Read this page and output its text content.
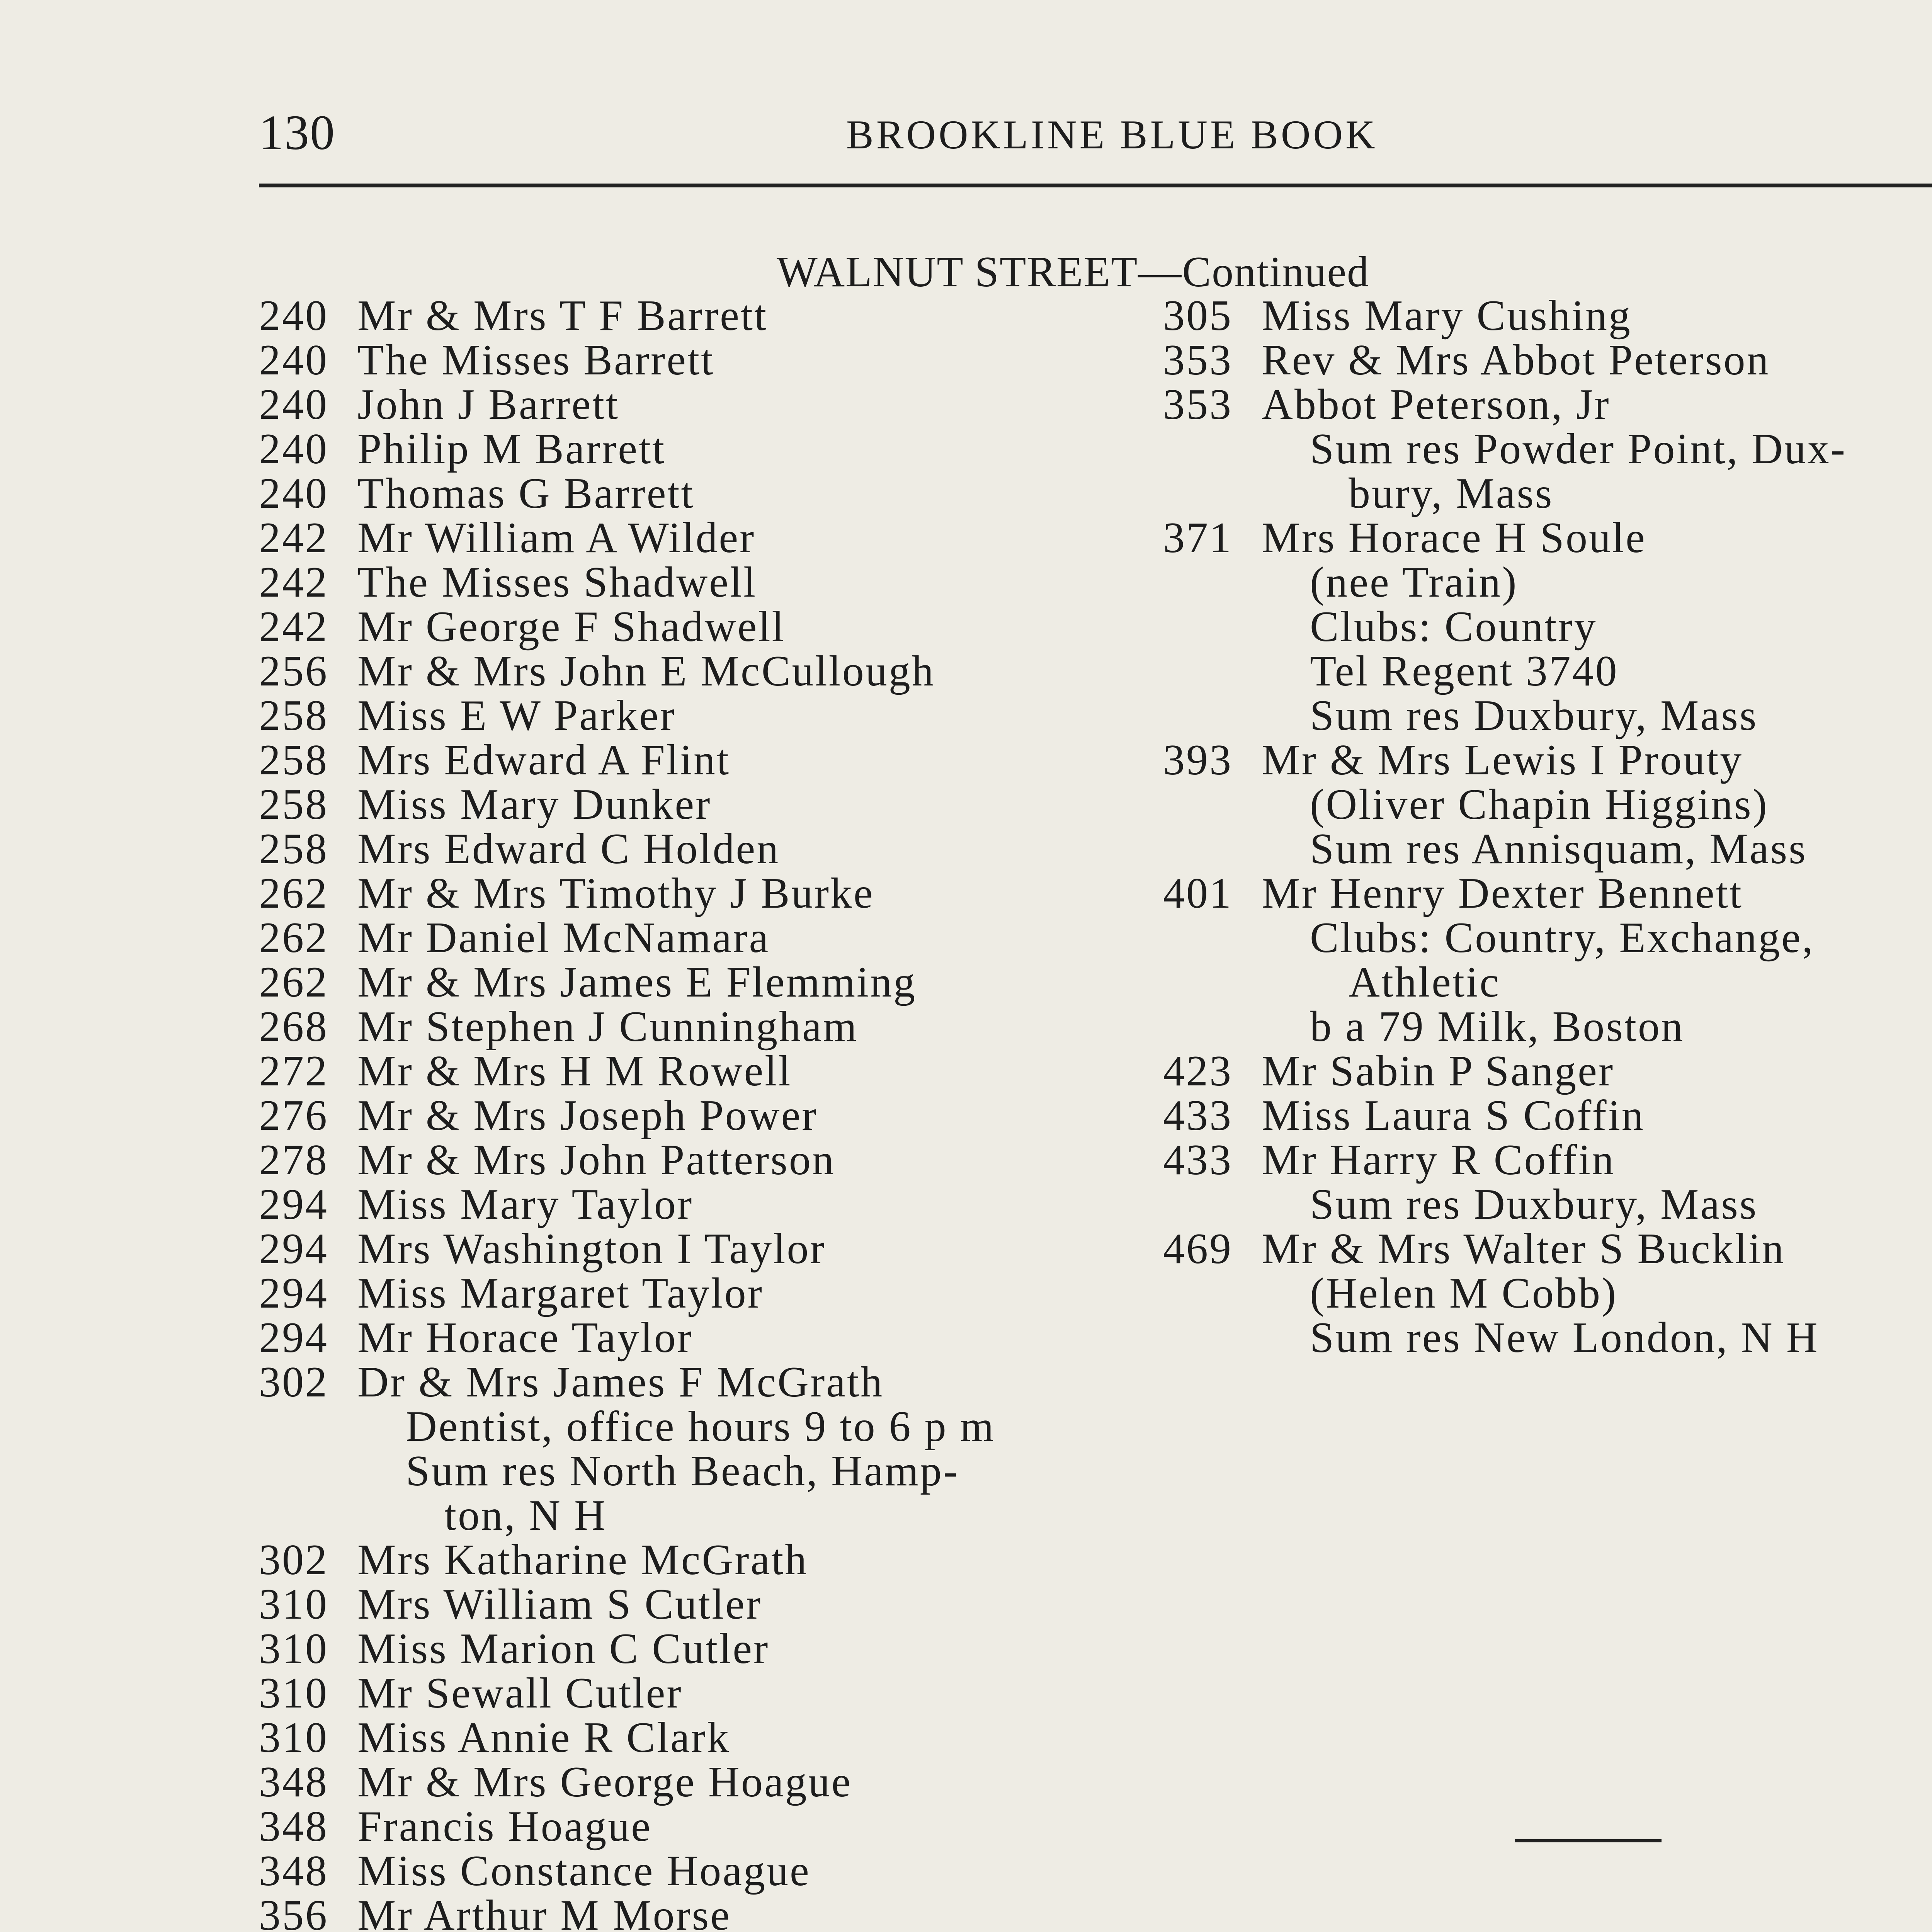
130	BROOKLINE BLUE BOOK
WALNUT STREET—Continued
240 Mr & Mrs T F Barrett
240 The Misses Barrett
240 John J Barrett
240 Philip M Barrett
240 Thomas G Barrett
242 Mr William A Wilder
242 The Misses Shadwell
242 Mr George F Shadwell
256 Mr & Mrs John E McCullough
258 Miss E W Parker
258 Mrs Edward A Flint
258 Miss Mary Dunker
258 Mrs Edward C Holden
262 Mr & Mrs Timothy J Burke
262 Mr Daniel McNamara
262 Mr & Mrs James E Flemming
268 Mr Stephen J Cunningham
272 Mr & Mrs H M Rowell
276 Mr & Mrs Joseph Power
278 Mr & Mrs John Patterson
294 Miss Mary Taylor
294 Mrs Washington I Taylor
294 Miss Margaret Taylor
294 Mr Horace Taylor
302 Dr & Mrs James F McGrath
Dentist, office hours 9 to 6 p m
Sum res North Beach, Hamp-
ton, N H
302 Mrs Katharine McGrath
310 Mrs William S Cutler
310 Miss Marion C Cutler
310 Mr Sewall Cutler
310 Miss Annie R Clark
348 Mr & Mrs George Hoague
348 Francis Hoague
348 Miss Constance Hoague
356 Mr Arthur M Morse
305 Miss Mary Cushing
353 Rev & Mrs Abbot Peterson
353 Abbot Peterson, Jr
Sum res Powder Point, Dux-
bury, Mass
371 Mrs Horace H Soule
(nee Train)
Clubs: Country
Tel Regent 3740
Sum res Duxbury, Mass
393 Mr & Mrs Lewis I Prouty
(Oliver Chapin Higgins)
Sum res Annisquam, Mass
401 Mr Henry Dexter Bennett
Clubs: Country, Exchange,
Athletic
b a 79 Milk, Boston
423 Mr Sabin P Sanger
433 Miss Laura S Coffin
433 Mr Harry R Coffin
Sum res Duxbury, Mass
469 Mr & Mrs Walter S Bucklin
(Helen M Cobb)
Sum res New London, N H
